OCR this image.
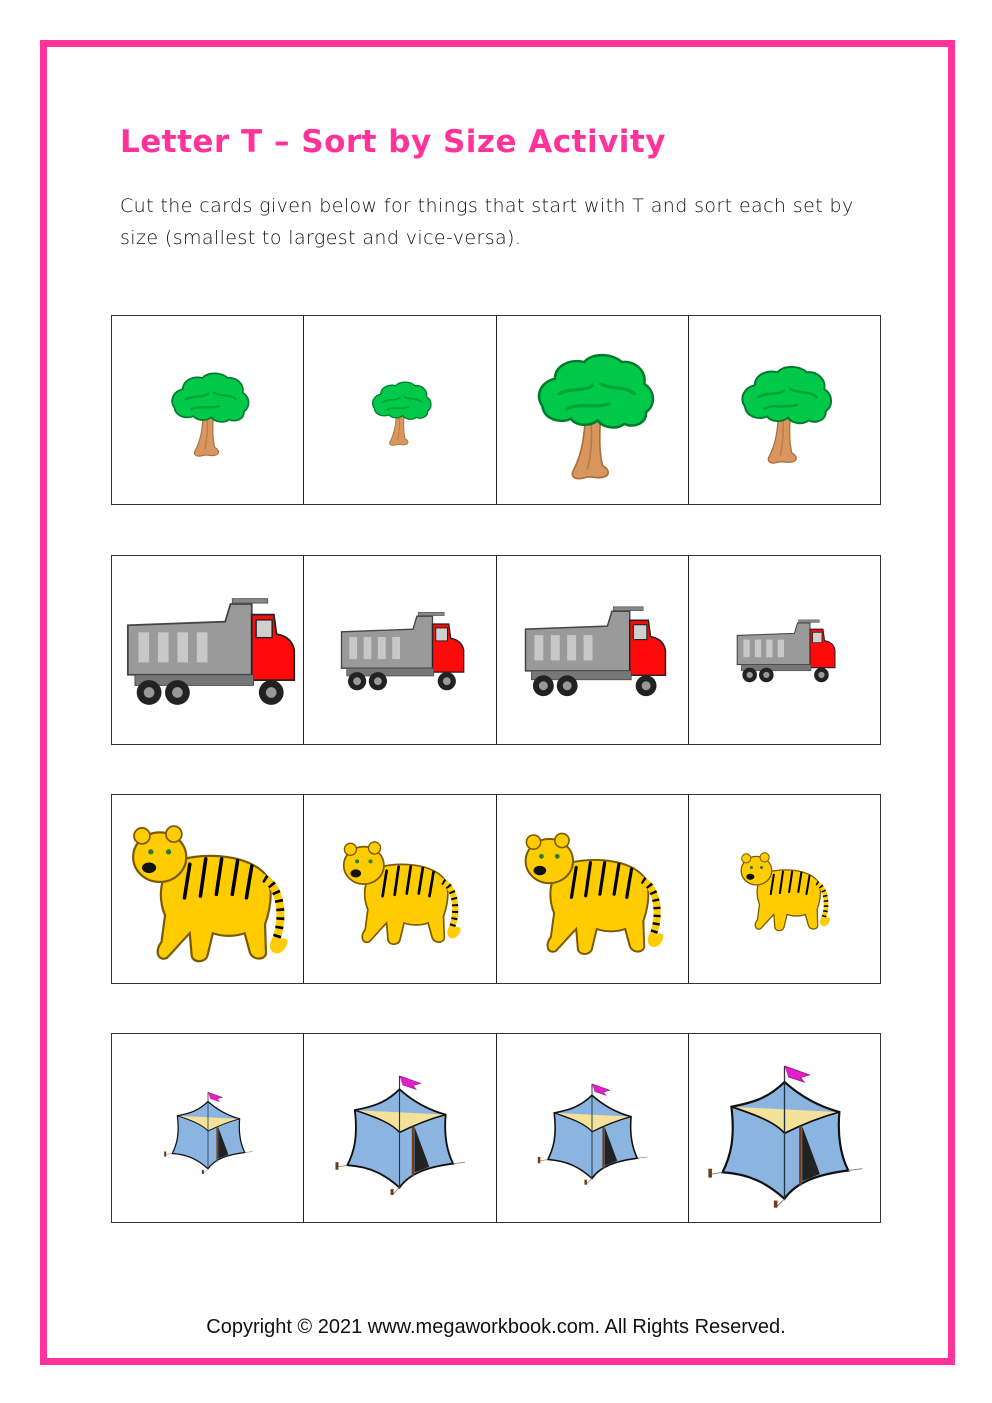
Letter T – Sort by Size Activity
Cut the cards given below for things that start with T and sort each set by size (smallest to largest and vice-versa).
Copyright © 2021 www.megaworkbook.com. All Rights Reserved.
